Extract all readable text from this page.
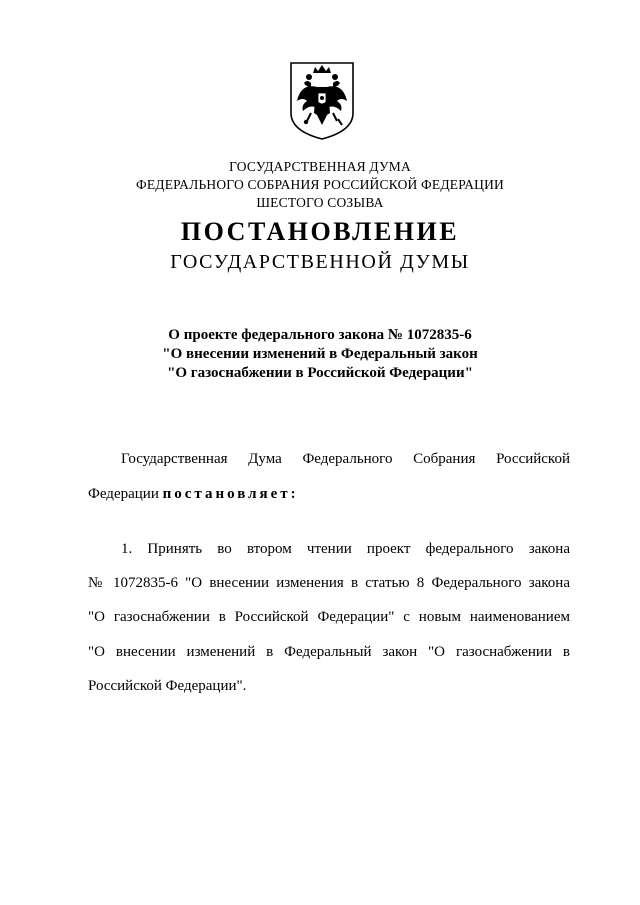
ГОСУДАРСТВЕННАЯ ДУМА
ФЕДЕРАЛЬНОГО СОБРАНИЯ РОССИЙСКОЙ ФЕДЕРАЦИИ
ШЕСТОГО СОЗЫВА
ПОСТАНОВЛЕНИЕ
ГОСУДАРСТВЕННОЙ ДУМЫ
О проекте федерального закона № 1072835-6
"О внесении изменений в Федеральный закон
"О газоснабжении в Российской Федерации"
Государственная Дума Федерального Собрания Российской
Федерации постановляет:
1. Принять во втором чтении проект федерального закона
№ 1072835-6 "О внесении изменения в статью 8 Федерального закона
"О газоснабжении в Российской Федерации" с новым наименованием
"О внесении изменений в Федеральный закон "О газоснабжении в
Российской Федерации".
